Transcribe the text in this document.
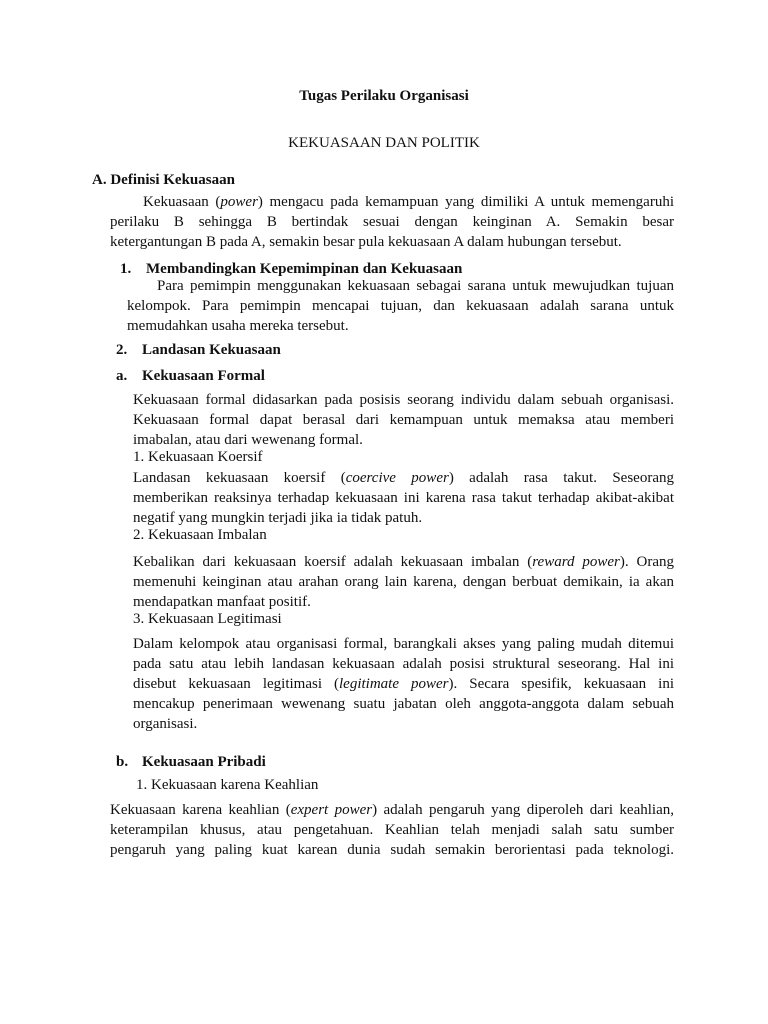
Tugas Perilaku Organisasi
KEKUASAAN DAN POLITIK
A. Definisi Kekuasaan
Kekuasaan (power) mengacu pada kemampuan yang dimiliki A untuk memengaruhi
perilaku B sehingga B bertindak sesuai dengan keinginan A. Semakin besar
ketergantungan B pada A, semakin besar pula kekuasaan A dalam hubungan tersebut.
1. Membandingkan Kepemimpinan dan Kekuasaan
Para pemimpin menggunakan kekuasaan sebagai sarana untuk mewujudkan tujuan
kelompok. Para pemimpin mencapai tujuan, dan kekuasaan adalah sarana untuk
memudahkan usaha mereka tersebut.
2. Landasan Kekuasaan
a. Kekuasaan Formal
Kekuasaan formal didasarkan pada posisis seorang individu dalam sebuah organisasi.
Kekuasaan formal dapat berasal dari kemampuan untuk memaksa atau memberi
imabalan, atau dari wewenang formal.
1. Kekuasaan Koersif
Landasan kekuasaan koersif (coercive power) adalah rasa takut. Seseorang
memberikan reaksinya terhadap kekuasaan ini karena rasa takut terhadap akibat-akibat
negatif yang mungkin terjadi jika ia tidak patuh.
2. Kekuasaan Imbalan
Kebalikan dari kekuasaan koersif adalah kekuasaan imbalan (reward power). Orang
memenuhi keinginan atau arahan orang lain karena, dengan berbuat demikain, ia akan
mendapatkan manfaat positif.
3. Kekuasaan Legitimasi
Dalam kelompok atau organisasi formal, barangkali akses yang paling mudah ditemui
pada satu atau lebih landasan kekuasaan adalah posisi struktural seseorang. Hal ini
disebut kekuasaan legitimasi (legitimate power). Secara spesifik, kekuasaan ini
mencakup penerimaan wewenang suatu jabatan oleh anggota-anggota dalam sebuah
organisasi.
b. Kekuasaan Pribadi
1. Kekuasaan karena Keahlian
Kekuasaan karena keahlian (expert power) adalah pengaruh yang diperoleh dari keahlian,
keterampilan khusus, atau pengetahuan. Keahlian telah menjadi salah satu sumber
pengaruh yang paling kuat karean dunia sudah semakin berorientasi pada teknologi.
